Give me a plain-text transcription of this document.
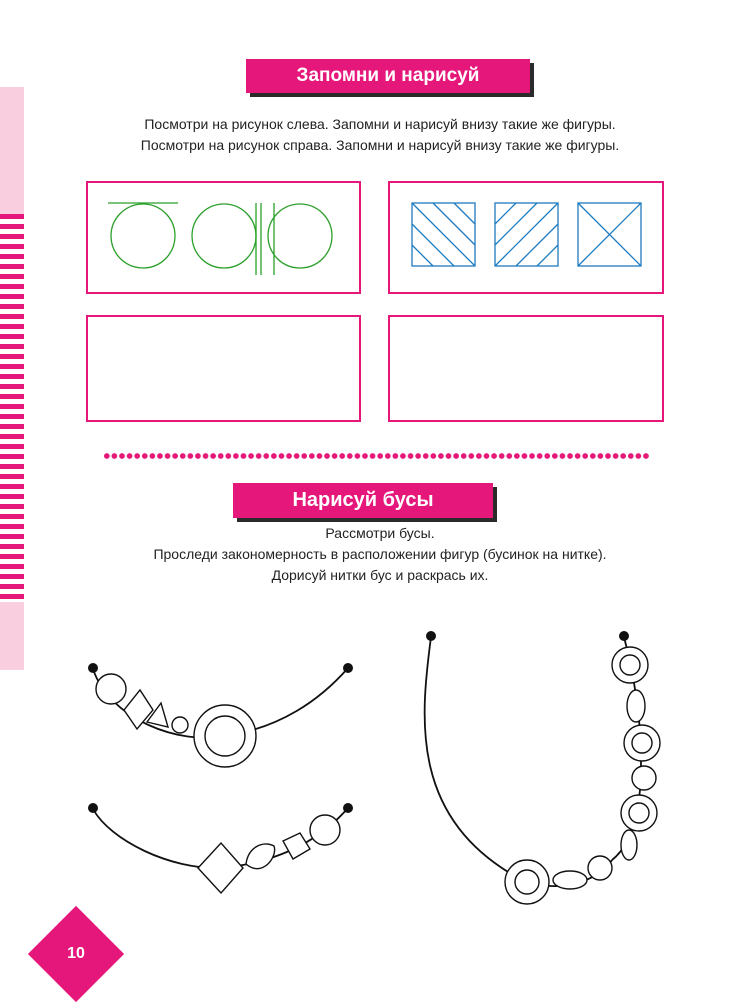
Запомни и нарисуй
Посмотри на рисунок слева. Запомни и нарисуй внизу такие же фигуры.
Посмотри на рисунок справа. Запомни и нарисуй внизу такие же фигуры.
Нарисуй бусы
Рассмотри бусы.
Проследи закономерность в расположении фигур (бусинок на нитке).
Дорисуй нитки бус и раскрась их.
10
